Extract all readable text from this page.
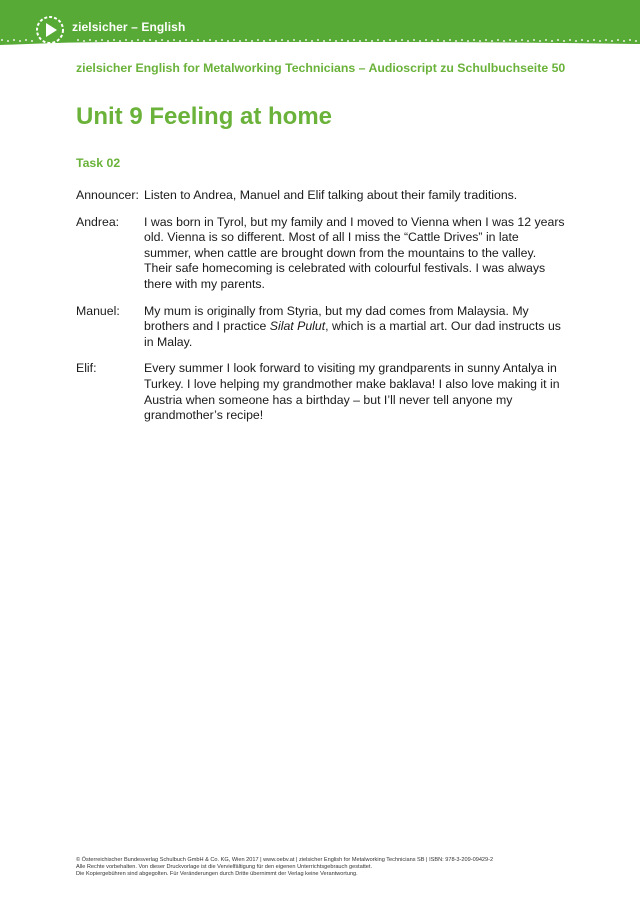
zielsicher – English
zielsicher English for Metalworking Technicians – Audioscript zu Schulbuchseite 50
Unit 9 Feeling at home
Task 02
Announcer: Listen to Andrea, Manuel and Elif talking about their family traditions.
Andrea:	I was born in Tyrol, but my family and I moved to Vienna when I was 12 years old. Vienna is so different. Most of all I miss the “Cattle Drives” in late summer, when cattle are brought down from the mountains to the valley. Their safe homecoming is celebrated with colourful festivals. I was always there with my parents.
Manuel:	My mum is originally from Styria, but my dad comes from Malaysia. My brothers and I practice Silat Pulut, which is a martial art. Our dad instructs us in Malay.
Elif:	Every summer I look forward to visiting my grandparents in sunny Antalya in Turkey. I love helping my grandmother make baklava! I also love making it in Austria when someone has a birthday – but I’ll never tell anyone my grandmother’s recipe!
© Österreichischer Bundesverlag Schulbuch GmbH & Co. KG, Wien 2017 | www.oebv.at | zielsicher English for Metalworking Technicians SB | ISBN: 978-3-209-09429-2
Alle Rechte vorbehalten. Von dieser Druckvorlage ist die Vervielfältigung für den eigenen Unterrichtsgebrauch gestattet.
Die Kopiergebühren sind abgegolten. Für Veränderungen durch Dritte übernimmt der Verlag keine Verantwortung.
